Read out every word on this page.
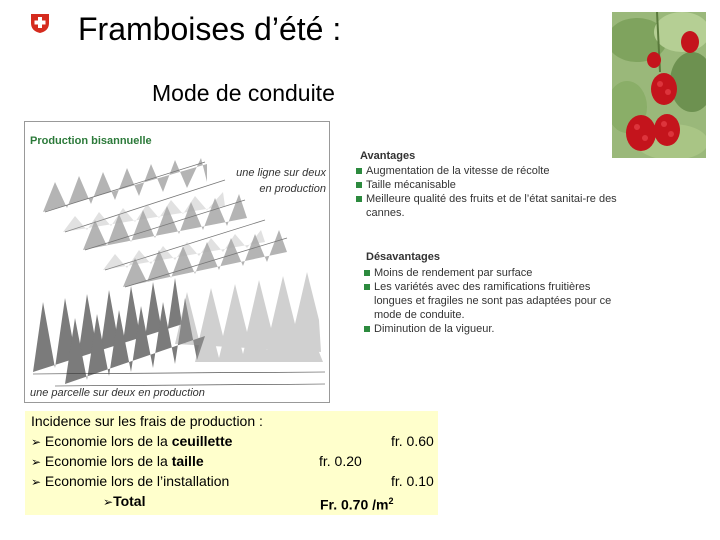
Framboises d’été :
Mode de conduite
Production bisannuelle
une ligne sur deux
en production
une parcelle sur deux en production
Avantages
Augmentation de la vitesse de récolte
Taille mécanisable
Meilleure qualité des fruits et de l’état sanitai-re des cannes.
Désavantages
Moins de rendement par surface
Les variétés avec des ramifications fruitières longues et fragiles ne sont pas adaptées pour ce mode de conduite.
Diminution de la vigueur.
Incidence sur les frais de production :
➢ Economie lors de la ceuillette	fr. 0.60
➢ Economie lors de la taille	fr. 0.20
➢ Economie lors de l’installation	fr. 0.10
➢Total	Fr. 0.70 $/m^2$
